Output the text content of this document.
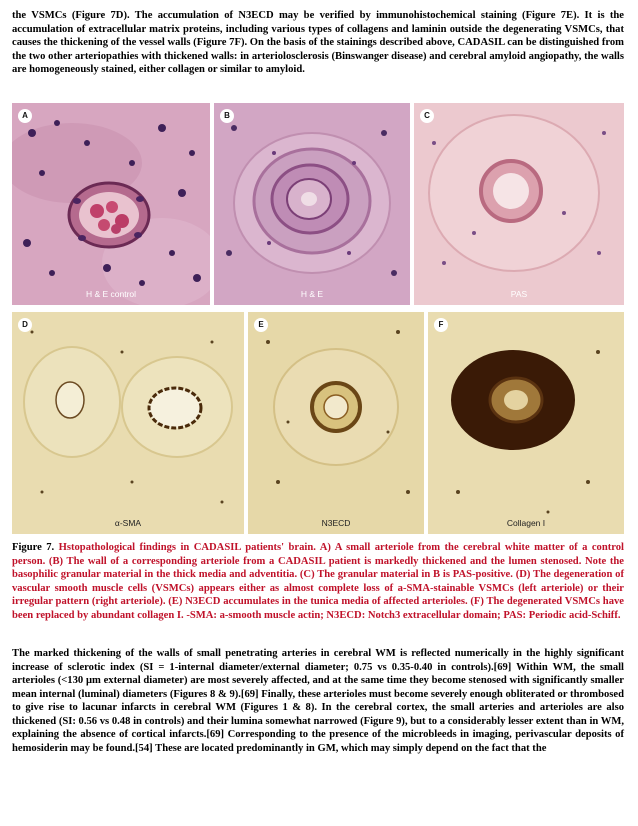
the VSMCs (Figure 7D). The accumulation of N3ECD may be verified by immunohistochemical staining (Figure 7E). It is the accumulation of extracellular matrix proteins, including various types of collagens and laminin outside the degenerating VSMCs, that causes the thickening of the vessel walls (Figure 7F). On the basis of the stainings described above, CADASIL can be distinguished from the two other arteriopathies with thickened walls: in arteriolosclerosis (Binswanger disease) and cerebral amyloid angiopathy, the walls are homogeneously stained, either collagen or similar to amyloid.

A
H & E control
B
H & E
C
PAS
D
α-SMA
E
N3ECD
F
Collagen I

Figure 7. Hstopathological findings in CADASIL patients' brain. A) A small arteriole from the cerebral white matter of a control person. (B) The wall of a corresponding arteriole from a CADASIL patient is markedly thickened and the lumen stenosed. Note the basophilic granular material in the thick media and adventitia. (C) The granular material in B is PAS-positive. (D) The degeneration of vascular smooth muscle cells (VSMCs) appears either as almost complete loss of a-SMA-stainable VSMCs (left arteriole) or their irregular pattern (right arteriole). (E) N3ECD accumulates in the tunica media of affected arterioles. (F) The degenerated VSMCs have been replaced by abundant collagen I. -SMA: a-smooth muscle actin; N3ECD: Notch3 extracellular domain; PAS: Periodic acid-Schiff.

The marked thickening of the walls of small penetrating arteries in cerebral WM is reflected numerically in the highly significant increase of sclerotic index (SI = 1-internal diameter/external diameter; 0.75 vs 0.35-0.40 in controls).[69] Within WM, the small arterioles (<130 μm external diameter) are most severely affected, and at the same time they become stenosed with significantly smaller mean internal (luminal) diameters (Figures 8 & 9).[69] Finally, these arterioles must become severely enough obliterated or thrombosed to give rise to lacunar infarcts in cerebral WM (Figures 1 & 8). In the cerebral cortex, the small arteries and arterioles are also thickened (SI: 0.56 vs 0.48 in controls) and their lumina somewhat narrowed (Figure 9), but to a considerably lesser extent than in WM, explaining the absence of cortical infarcts.[69] Corresponding to the presence of the microbleeds in imaging, perivascular deposits of hemosiderin may be found.[54] These are located predominantly in GM, which may simply depend on the fact that the
